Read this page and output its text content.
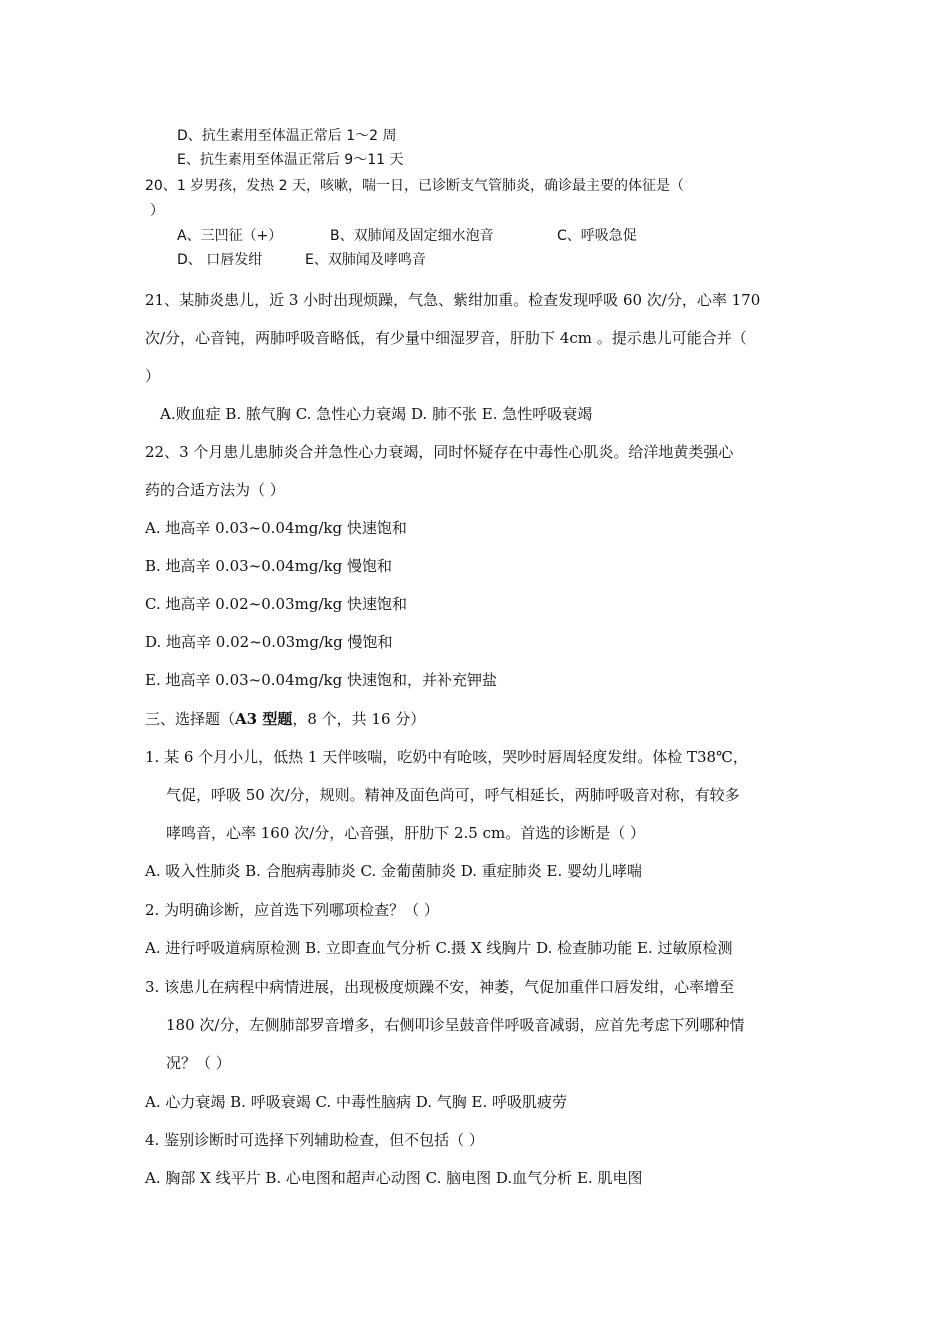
D、抗生素用至体温正常后 1～2 周
E、抗生素用至体温正常后 9～11 天
20、1 岁男孩，发热 2 天，咳嗽，喘一日，已诊断支气管肺炎，确诊最主要的体征是（
）
A、三凹征（+）	B、双肺闻及固定细水泡音	C、呼吸急促
D、 口唇发绀	E、双肺闻及哮鸣音
21、某肺炎患儿，近 3 小时出现烦躁，气急、紫绀加重。检查发现呼吸 60 次/分，心率 170
次/分，心音钝，两肺呼吸音略低，有少量中细湿罗音，肝肋下 4cm 。提示患儿可能合并（
）
A.败血症 B. 脓气胸 C. 急性心力衰竭 D. 肺不张 E. 急性呼吸衰竭
22、3 个月患儿患肺炎合并急性心力衰竭，同时怀疑存在中毒性心肌炎。给洋地黄类强心
药的合适方法为（ ）
A. 地高辛 0.03~0.04mg/kg 快速饱和
B. 地高辛 0.03~0.04mg/kg 慢饱和
C. 地高辛 0.02~0.03mg/kg 快速饱和
D. 地高辛 0.02~0.03mg/kg 慢饱和
E. 地高辛 0.03~0.04mg/kg 快速饱和，并补充钾盐
三、选择题（A3 型题，8 个，共 16 分）
1. 某 6 个月小儿，低热 1 天伴咳喘，吃奶中有呛咳，哭吵时唇周轻度发绀。体检 T38℃，
气促，呼吸 50 次/分，规则。精神及面色尚可，呼气相延长，两肺呼吸音对称，有较多
哮鸣音，心率 160 次/分，心音强，肝肋下 2.5 cm。首选的诊断是（ ）
A. 吸入性肺炎 B. 合胞病毒肺炎 C. 金葡菌肺炎 D. 重症肺炎 E. 婴幼儿哮喘
2. 为明确诊断，应首选下列哪项检查？（ ）
A. 进行呼吸道病原检测 B. 立即查血气分析 C.摄 X 线胸片 D. 检查肺功能 E. 过敏原检测
3. 该患儿在病程中病情进展，出现极度烦躁不安，神萎，气促加重伴口唇发绀，心率增至
180 次/分，左侧肺部罗音增多，右侧叩诊呈鼓音伴呼吸音减弱，应首先考虑下列哪种情
况？（ ）
A. 心力衰竭 B. 呼吸衰竭 C. 中毒性脑病 D. 气胸 E. 呼吸肌疲劳
4. 鉴别诊断时可选择下列辅助检查，但不包括（ ）
A. 胸部 X 线平片 B. 心电图和超声心动图 C. 脑电图 D.血气分析 E. 肌电图
